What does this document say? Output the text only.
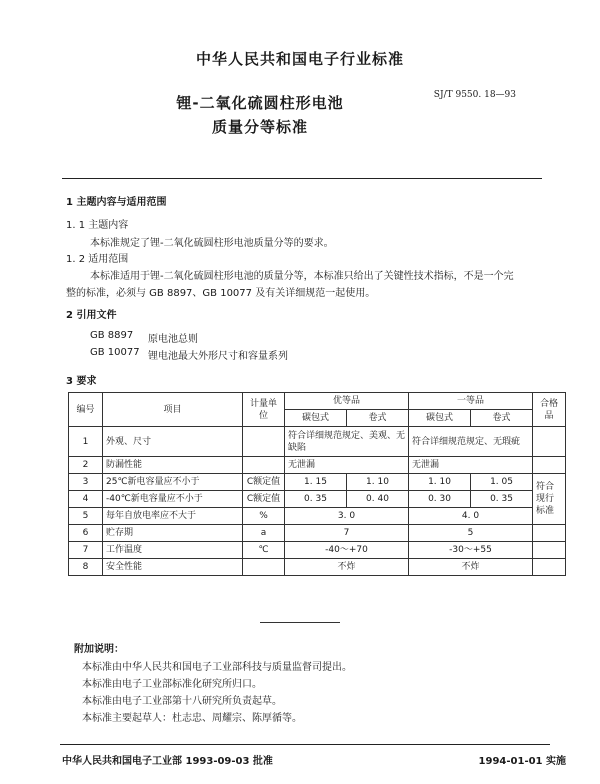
中华人民共和国电子行业标准
SJ/T 9550. 18—93
锂-二氧化硫圆柱形电池
质量分等标准
1 主题内容与适用范围
1. 1 主题内容
本标准规定了锂-二氧化硫圆柱形电池质量分等的要求。
1. 2 适用范围
本标准适用于锂-二氧化硫圆柱形电池的质量分等，本标准只给出了关键性技术指标，不是一个完
整的标准，必须与 GB 8897、GB 10077 及有关详细规范一起使用。
2 引用文件
GB 8897 原电池总则
GB 10077 锂电池最大外形尺寸和容量系列
3 要求
编号	项目	计量单位	优等品		一等品		合格品
			碳包式	卷式	碳包式	卷式	
1	外观、尺寸		符合详细规范规定、美观、无缺陷		符合详细规范规定、无瑕疵		
2	防漏性能		无泄漏		无泄漏		
3	25℃新电容量应不小于	C额定值	1. 15	1. 10	1. 10	1. 05	符合现行标准
4	-40℃新电容量应不小于	C额定值	0. 35	0. 40	0. 30	0. 35	
5	每年自放电率应不大于	%	3. 0		4. 0		
6	贮存期	a	7		5		
7	工作温度	℃	-40～+70		-30～+55		
8	安全性能		不炸		不炸		
附加说明：
本标准由中华人民共和国电子工业部科技与质量监督司提出。
本标准由电子工业部标准化研究所归口。
本标准由电子工业部第十八研究所负责起草。
本标准主要起草人：杜志忠、周耀宗、陈厚循等。
中华人民共和国电子工业部 1993-09-03 批准	1994-01-01 实施
